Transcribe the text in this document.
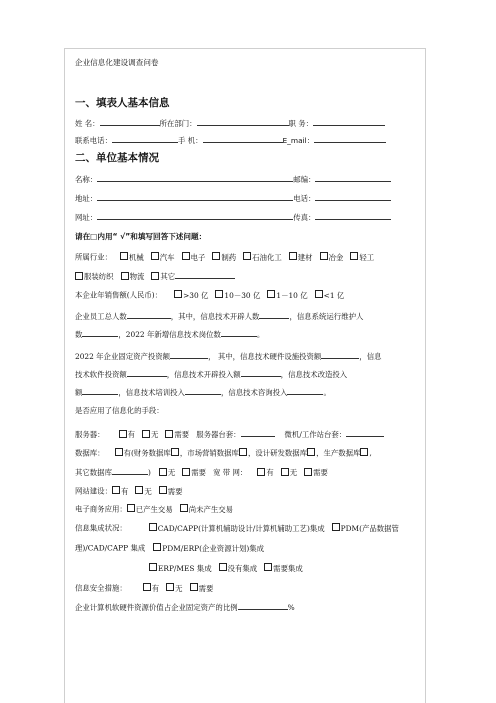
企业信息化建设调查问卷
一、填表人基本信息
姓 名：	所在部门：	职 务：
联系电话：	手 机：	E_mail：
二、单位基本情况
名称：	邮编：
地址：	电话：
网址：	传真：
请在□内用“ √”和填写回答下述问题：
所属行业： 机械 汽车 电子 制药 石油化工 建材 冶金 轻工
服装纺织 物流 其它
本企业年销售额(人民币)：	>30 亿 10－30 亿 1－10 亿 <1 亿
企业员工总人数	，其中，信息技术开辟人数	，信息系统运行维护人
数	，2022 年新增信息技术岗位数	。
2022 年企业固定资产投资额	， 其中，信息技术硬件设施投资额	，信息
技术软件投资额	，信息技术开辟投入额	，信息技术改造投入
额	，信息技术培训投入	，信息技术咨询投入	。
是否应用了信息化的手段：
服务器：	有 无 需要 服务器台套：	微机/工作站台套：
数据库：	有(财务数据库 ，市场营销数据库 ，设计研发数据库 ，生产数据库 ,
其它数据库	) 无 需要 宽 带 网：	有 无 需要
网站建设： 有 无 需要
电子商务应用： 已产生交易 尚未产生交易
信息集成状况：	CAD/CAPP(计算机辅助设计/计算机辅助工艺)集成 PDM(产品数据管
理)/CAD/CAPP 集成 PDM/ERP(企业资源计划)集成
ERP/MES 集成 没有集成 需要集成
信息安全措施：	有 无 需要
企业计算机软硬件资源价值占企业固定资产的比例	%
